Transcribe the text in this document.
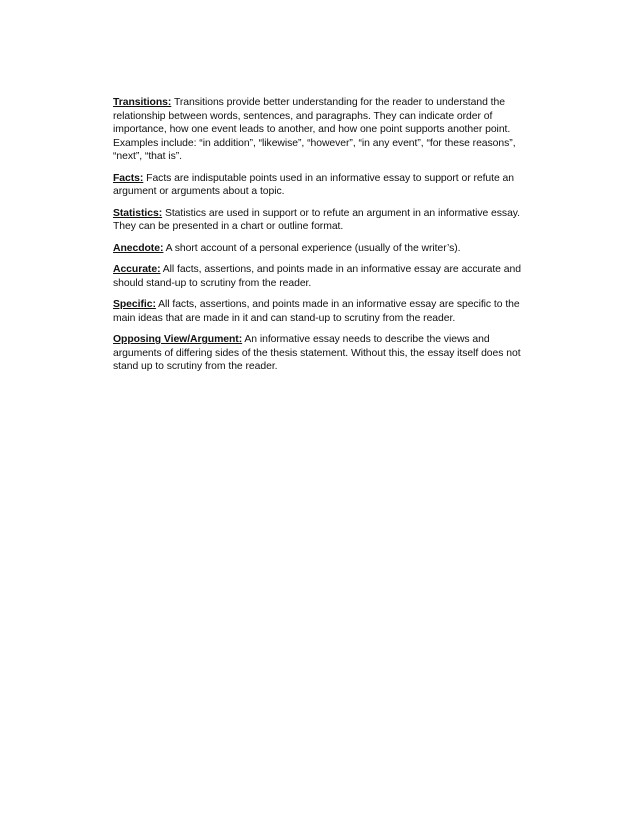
Transitions: Transitions provide better understanding for the reader to understand the relationship between words, sentences, and paragraphs. They can indicate order of importance, how one event leads to another, and how one point supports another point. Examples include: “in addition”, “likewise”, “however”, “in any event”, “for these reasons”, “next”, “that is”.

Facts: Facts are indisputable points used in an informative essay to support or refute an argument or arguments about a topic.

Statistics: Statistics are used in support or to refute an argument in an informative essay. They can be presented in a chart or outline format.

Anecdote: A short account of a personal experience (usually of the writer’s).

Accurate: All facts, assertions, and points made in an informative essay are accurate and should stand-up to scrutiny from the reader.

Specific: All facts, assertions, and points made in an informative essay are specific to the main ideas that are made in it and can stand-up to scrutiny from the reader.

Opposing View/Argument: An informative essay needs to describe the views and arguments of differing sides of the thesis statement. Without this, the essay itself does not stand up to scrutiny from the reader.
